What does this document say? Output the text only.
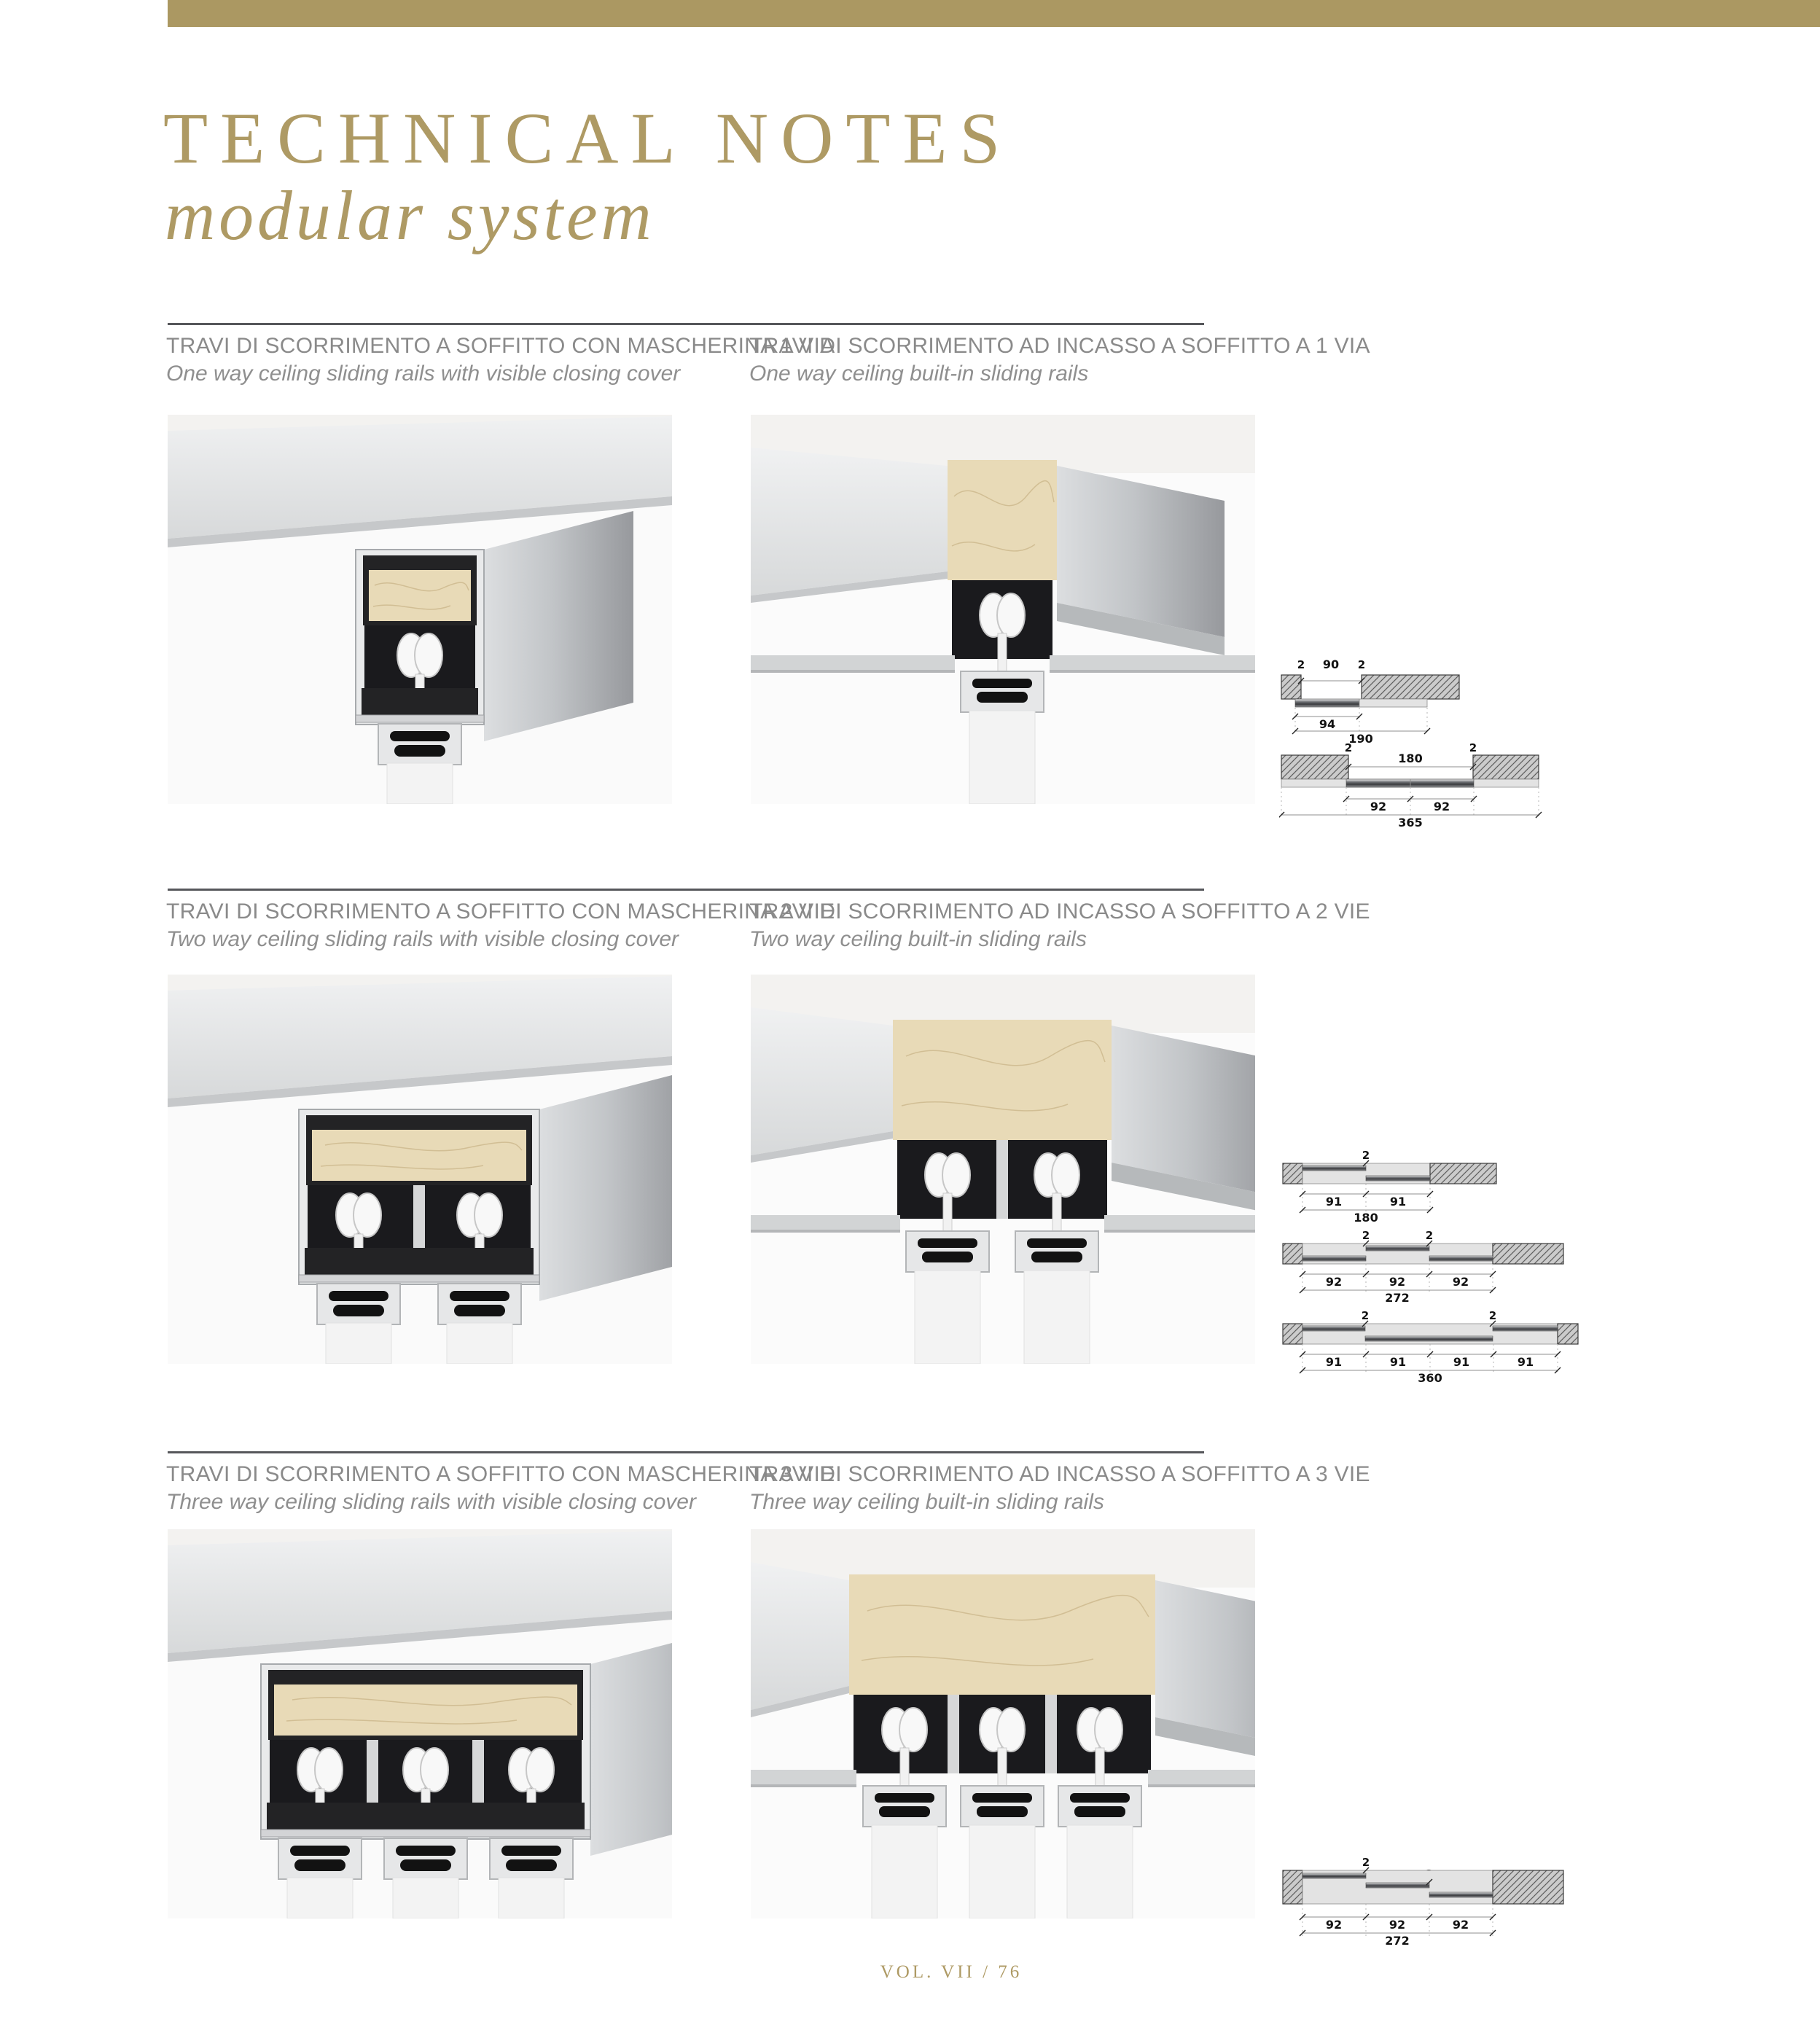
TECHNICAL NOTES
modular system
TRAVI DI SCORRIMENTO A SOFFITTO CON MASCHERINA 1 VIA
One way ceiling sliding rails with visible closing cover
TRAVI DI SCORRIMENTO AD INCASSO A SOFFITTO A 1 VIA
One way ceiling built-in sliding rails
2 90 2
94
190
2
180
2
92	92
365
TRAVI DI SCORRIMENTO A SOFFITTO CON MASCHERINA 2 VIE
Two way ceiling sliding rails with visible closing cover
TRAVI DI SCORRIMENTO AD INCASSO A SOFFITTO A 2 VIE
Two way ceiling built-in sliding rails
2
91	91
180
2	2
92	92	92
272
2	2
91	91	91	91
360
TRAVI DI SCORRIMENTO A SOFFITTO CON MASCHERINA 3 VIE
Three way ceiling sliding rails with visible closing cover
TRAVI DI SCORRIMENTO AD INCASSO A SOFFITTO A 3 VIE
Three way ceiling built-in sliding rails
2
92	92	92
272
VOL. VII / 76
